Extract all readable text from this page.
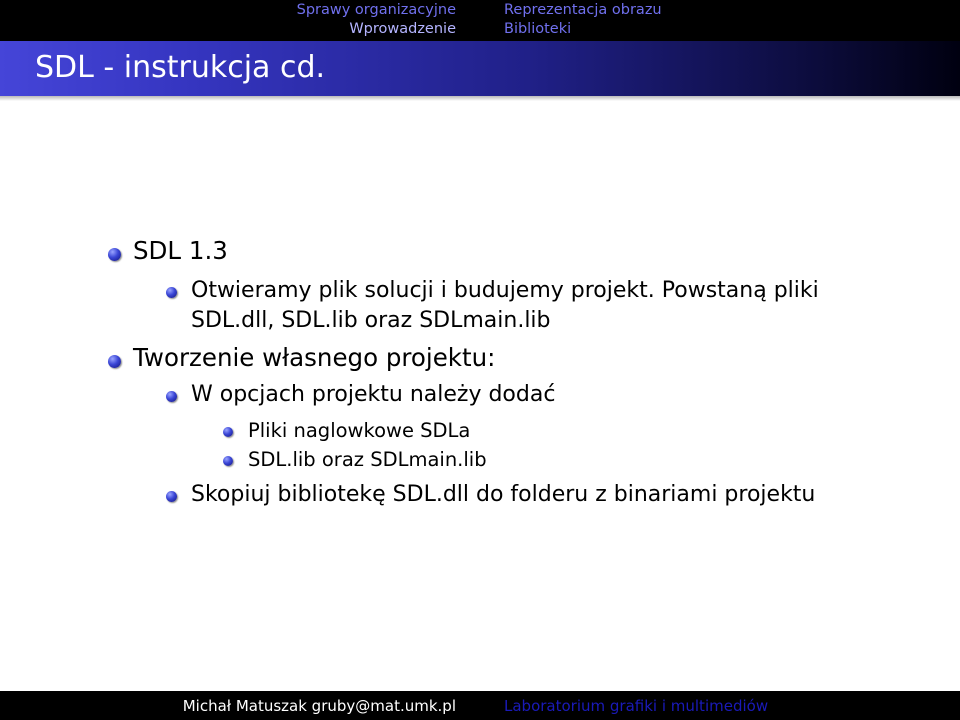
Sprawy organizacyjne
Wprowadzenie
Reprezentacja obrazu
Biblioteki
SDL - instrukcja cd.
SDL 1.3
Otwieramy plik solucji i budujemy projekt. Powstaną pliki
SDL.dll, SDL.lib oraz SDLmain.lib
Tworzenie własnego projektu:
W opcjach projektu należy dodać
Pliki naglowkowe SDLa
SDL.lib oraz SDLmain.lib
Skopiuj bibliotekę SDL.dll do folderu z binariami projektu
Michał Matuszak gruby@mat.umk.pl	Laboratorium grafiki i multimediów
